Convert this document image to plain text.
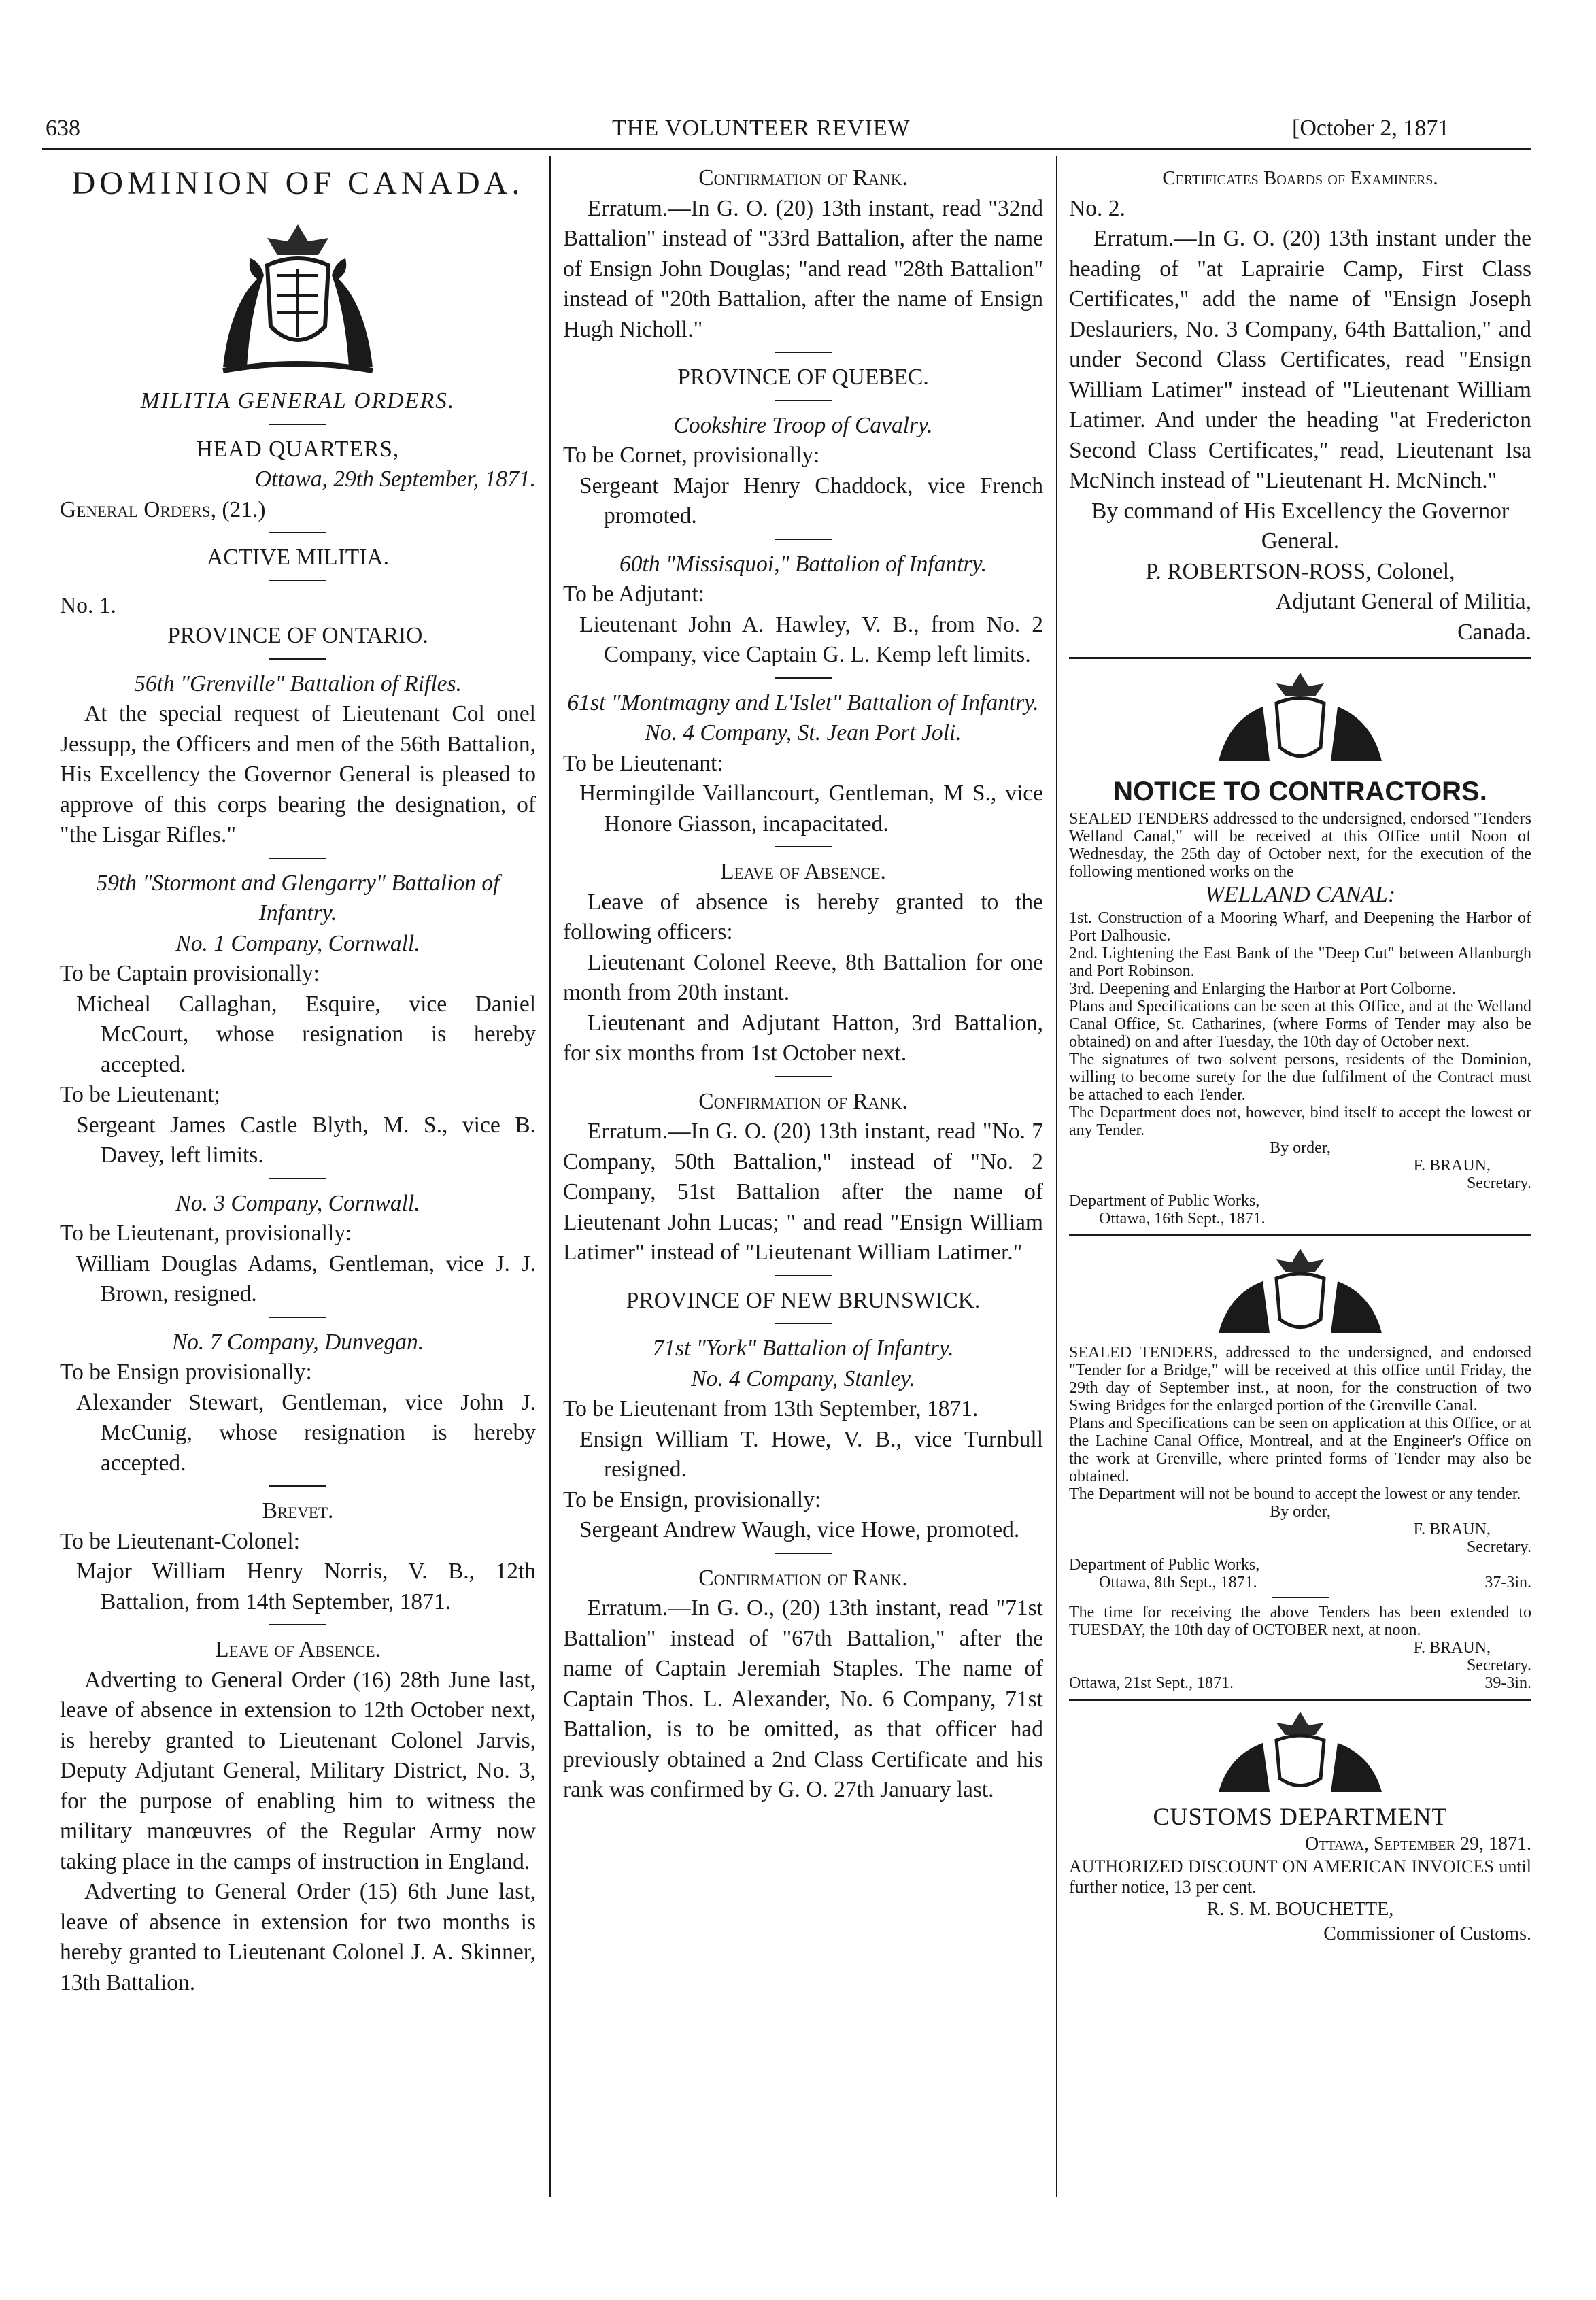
638	THE VOLUNTEER REVIEW	[October 2, 1871
DOMINION OF CANADA.

MILITIA GENERAL ORDERS.

HEAD QUARTERS,

Ottawa, 29th September, 1871.

General Orders, (21.)

ACTIVE MILITIA.

No. 1.

PROVINCE OF ONTARIO.

56th "Grenville" Battalion of Rifles.

At the special request of Lieutenant Col onel Jessupp, the Officers and men of the 56th Battalion, His Excellency the Governor General is pleased to approve of this corps bearing the designation, of "the Lisgar Rifles."

59th "Stormont and Glengarry" Battalion of Infantry.

No. 1 Company, Cornwall.

To be Captain provisionally:

Micheal Callaghan, Esquire, vice Daniel McCourt, whose resignation is hereby accepted.

To be Lieutenant;

Sergeant James Castle Blyth, M. S., vice B. Davey, left limits.

No. 3 Company, Cornwall.

To be Lieutenant, provisionally:

William Douglas Adams, Gentleman, vice J. J. Brown, resigned.

No. 7 Company, Dunvegan.

To be Ensign provisionally:

Alexander Stewart, Gentleman, vice John J. McCunig, whose resignation is hereby accepted.

Brevet.

To be Lieutenant-Colonel:

Major William Henry Norris, V. B., 12th Battalion, from 14th September, 1871.

Leave of Absence.

Adverting to General Order (16) 28th June last, leave of absence in extension to 12th October next, is hereby granted to Lieutenant Colonel Jarvis, Deputy Adjutant General, Military District, No. 3, for the purpose of enabling him to witness the military manœuvres of the Regular Army now taking place in the camps of instruction in England.

Adverting to General Order (15) 6th June last, leave of absence in extension for two months is hereby granted to Lieutenant Colonel J. A. Skinner, 13th Battalion.

Confirmation of Rank.

Erratum.—In G. O. (20) 13th instant, read "32nd Battalion" instead of "33rd Battalion, after the name of Ensign John Douglas; "and read "28th Battalion" instead of "20th Battalion, after the name of Ensign Hugh Nicholl."

PROVINCE OF QUEBEC.

Cookshire Troop of Cavalry.

To be Cornet, provisionally:

Sergeant Major Henry Chaddock, vice French promoted.

60th "Missisquoi," Battalion of Infantry.

To be Adjutant:

Lieutenant John A. Hawley, V. B., from No. 2 Company, vice Captain G. L. Kemp left limits.

61st "Montmagny and L'Islet" Battalion of Infantry.

No. 4 Company, St. Jean Port Joli.

To be Lieutenant:

Hermingilde Vaillancourt, Gentleman, M S., vice Honore Giasson, incapacitated.

Leave of Absence.

Leave of absence is hereby granted to the following officers:

Lieutenant Colonel Reeve, 8th Battalion for one month from 20th instant.

Lieutenant and Adjutant Hatton, 3rd Battalion, for six months from 1st October next.

Confirmation of Rank.

Erratum.—In G. O. (20) 13th instant, read "No. 7 Company, 50th Battalion," instead of "No. 2 Company, 51st Battalion after the name of Lieutenant John Lucas; " and read "Ensign William Latimer" instead of "Lieutenant William Latimer."

PROVINCE OF NEW BRUNSWICK.

71st "York" Battalion of Infantry.

No. 4 Company, Stanley.

To be Lieutenant from 13th September, 1871.

Ensign William T. Howe, V. B., vice Turnbull resigned.

To be Ensign, provisionally:

Sergeant Andrew Waugh, vice Howe, promoted.

Confirmation of Rank.

Erratum.—In G. O., (20) 13th instant, read "71st Battalion" instead of "67th Battalion," after the name of Captain Jeremiah Staples. The name of Captain Thos. L. Alexander, No. 6 Company, 71st Battalion, is to be omitted, as that officer had previously obtained a 2nd Class Certificate and his rank was confirmed by G. O. 27th January last.

Certificates Boards of Examiners.

No. 2.

Erratum.—In G. O. (20) 13th instant under the heading of "at Laprairie Camp, First Class Certificates," add the name of "Ensign Joseph Deslauriers, No. 3 Company, 64th Battalion," and under Second Class Certificates, read "Ensign William Latimer" instead of "Lieutenant William Latimer. And under the heading "at Fredericton Second Class Certificates," read, Lieutenant Isa McNinch instead of "Lieutenant H. McNinch."

By command of His Excellency the Governor General.

P. ROBERTSON-ROSS, Colonel,

Adjutant General of Militia,

Canada.

NOTICE TO CONTRACTORS.

SEALED TENDERS addressed to the undersigned, endorsed "Tenders Welland Canal," will be received at this Office until Noon of Wednesday, the 25th day of October next, for the execution of the following mentioned works on the

WELLAND CANAL:

1st. Construction of a Mooring Wharf, and Deepening the Harbor of Port Dalhousie.

2nd. Lightening the East Bank of the "Deep Cut" between Allanburgh and Port Robinson.

3rd. Deepening and Enlarging the Harbor at Port Colborne.

Plans and Specifications can be seen at this Office, and at the Welland Canal Office, St. Catharines, (where Forms of Tender may also be obtained) on and after Tuesday, the 10th day of October next.

The signatures of two solvent persons, residents of the Dominion, willing to become surety for the due fulfilment of the Contract must be attached to each Tender.

The Department does not, however, bind itself to accept the lowest or any Tender.

By order,

F. BRAUN,

Secretary.

Department of Public Works,

Ottawa, 16th Sept., 1871.

SEALED TENDERS, addressed to the undersigned, and endorsed "Tender for a Bridge," will be received at this office until Friday, the 29th day of September inst., at noon, for the construction of two Swing Bridges for the enlarged portion of the Grenville Canal.

Plans and Specifications can be seen on application at this Office, or at the Lachine Canal Office, Montreal, and at the Engineer's Office on the work at Grenville, where printed forms of Tender may also be obtained.

The Department will not be bound to accept the lowest or any tender.

By order,

F. BRAUN,

Secretary.

Department of Public Works,

Ottawa, 8th Sept., 1871.	37-3in.

The time for receiving the above Tenders has been extended to TUESDAY, the 10th day of OCTOBER next, at noon.

F. BRAUN,

Secretary.

Ottawa, 21st Sept., 1871.	39-3in.

CUSTOMS DEPARTMENT

Ottawa, September 29, 1871.

AUTHORIZED DISCOUNT ON AMERICAN INVOICES until further notice, 13 per cent.

R. S. M. BOUCHETTE,

Commissioner of Customs.
